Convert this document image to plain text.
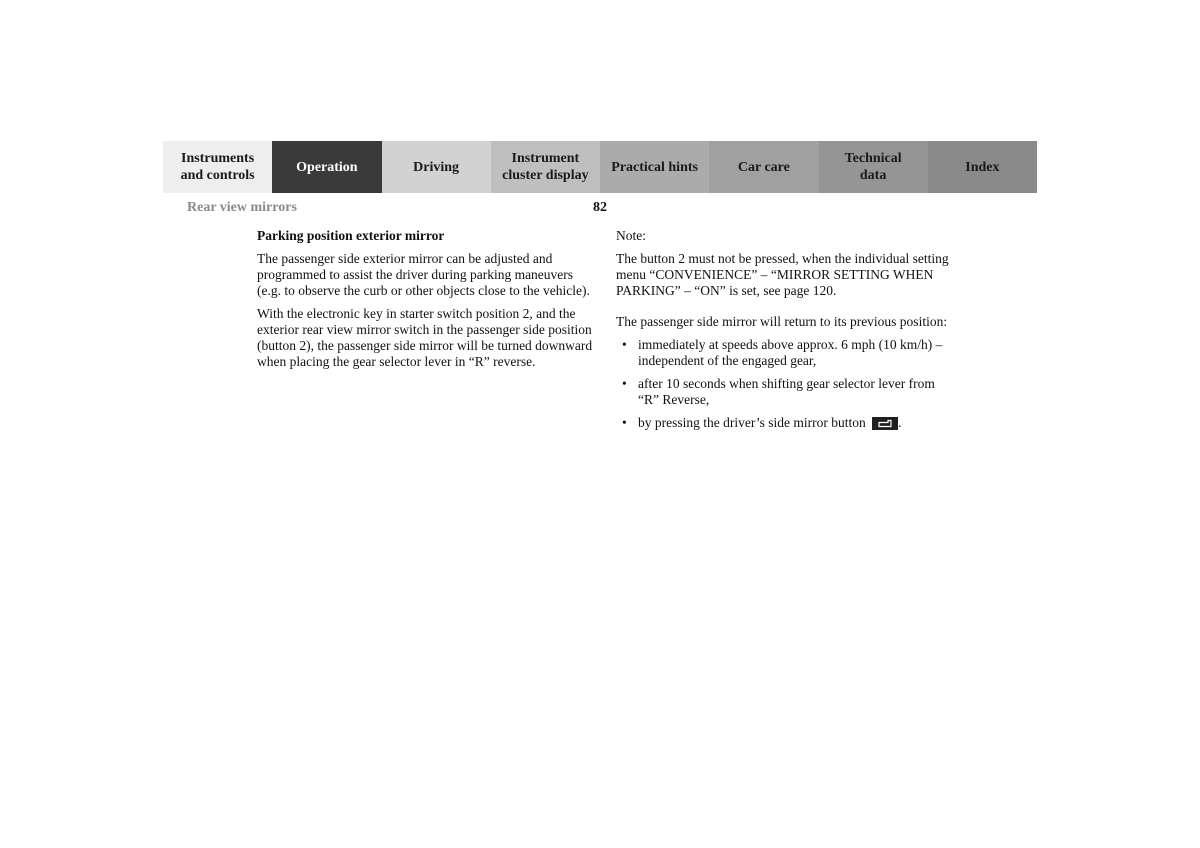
Instruments
and controls
Operation	Driving
Instrument
cluster display
Practical hints	Car care
Technical
data
Index
Rear view mirrors	82

Parking position exterior mirror

The passenger side exterior mirror can be adjusted and programmed to assist the driver during parking maneuvers (e.g. to observe the curb or other objects close to the vehicle).

With the electronic key in starter switch position 2, and the exterior rear view mirror switch in the passenger side position (button 2), the passenger side mirror will be turned downward when placing the gear selector lever in “R” reverse.

Note:

The button 2 must not be pressed, when the individual setting menu “CONVENIENCE” – “MIRROR SETTING WHEN PARKING” – “ON” is set, see page 120.

The passenger side mirror will return to its previous position:

• immediately at speeds above approx. 6 mph (10 km/h) – independent of the engaged gear,
• after 10 seconds when shifting gear selector lever from “R” Reverse,
• by pressing the driver’s side mirror button .
